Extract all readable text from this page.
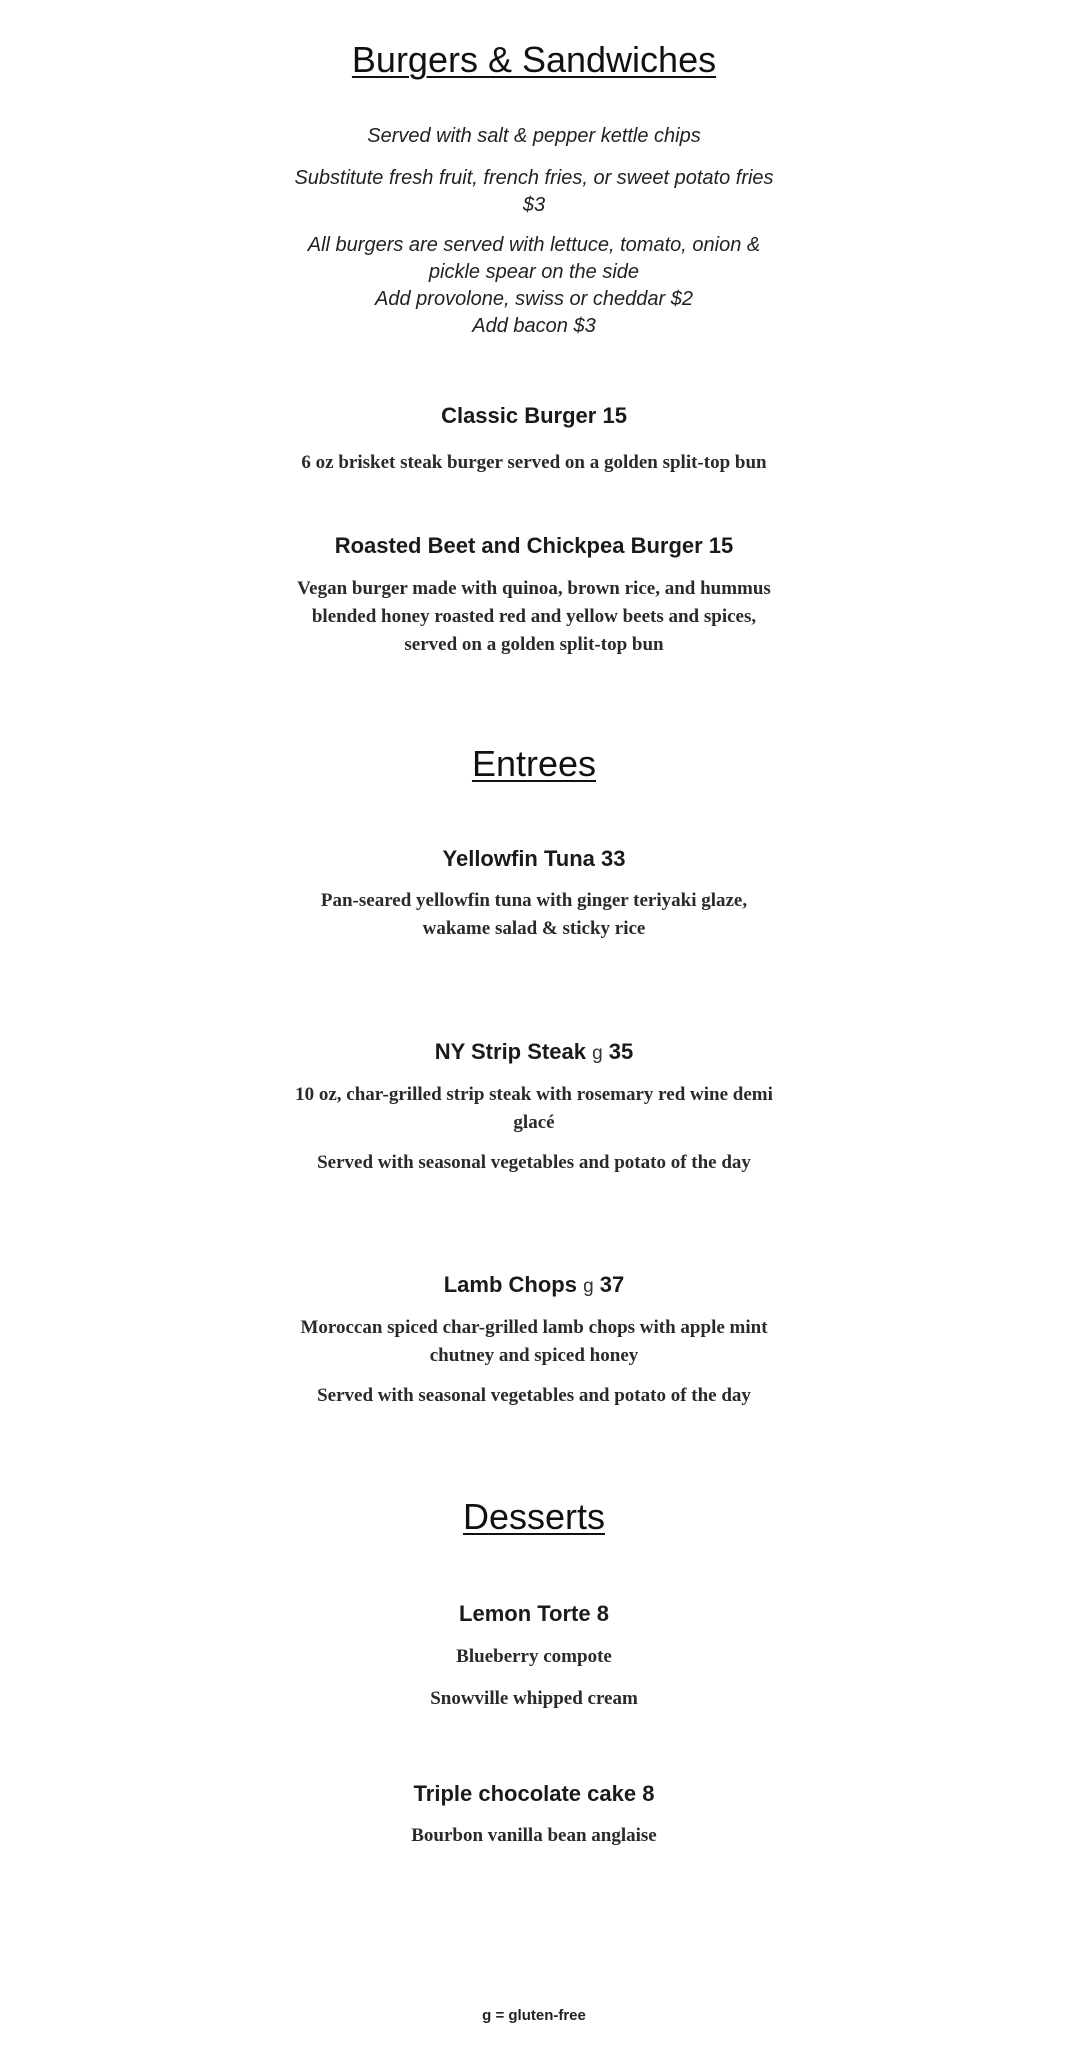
Burgers & Sandwiches

Served with salt & pepper kettle chips

Substitute fresh fruit, french fries, or sweet potato fries
$3

All burgers are served with lettuce, tomato, onion &
pickle spear on the side
Add provolone, swiss or cheddar $2
Add bacon $3

Classic Burger 15

6 oz brisket steak burger served on a golden split-top bun

Roasted Beet and Chickpea Burger 15

Vegan burger made with quinoa, brown rice, and hummus
blended honey roasted red and yellow beets and spices,
served on a golden split-top bun

Entrees
Yellowfin Tuna 33

Pan-seared yellowfin tuna with ginger teriyaki glaze,
wakame salad & sticky rice

NY Strip Steak g 35

10 oz, char-grilled strip steak with rosemary red wine demi
glacé

Served with seasonal vegetables and potato of the day

Lamb Chops g 37

Moroccan spiced char-grilled lamb chops with apple mint
chutney and spiced honey

Served with seasonal vegetables and potato of the day

Desserts
Lemon Torte 8

Blueberry compote

Snowville whipped cream

Triple chocolate cake 8

Bourbon vanilla bean anglaise

g = gluten-free
